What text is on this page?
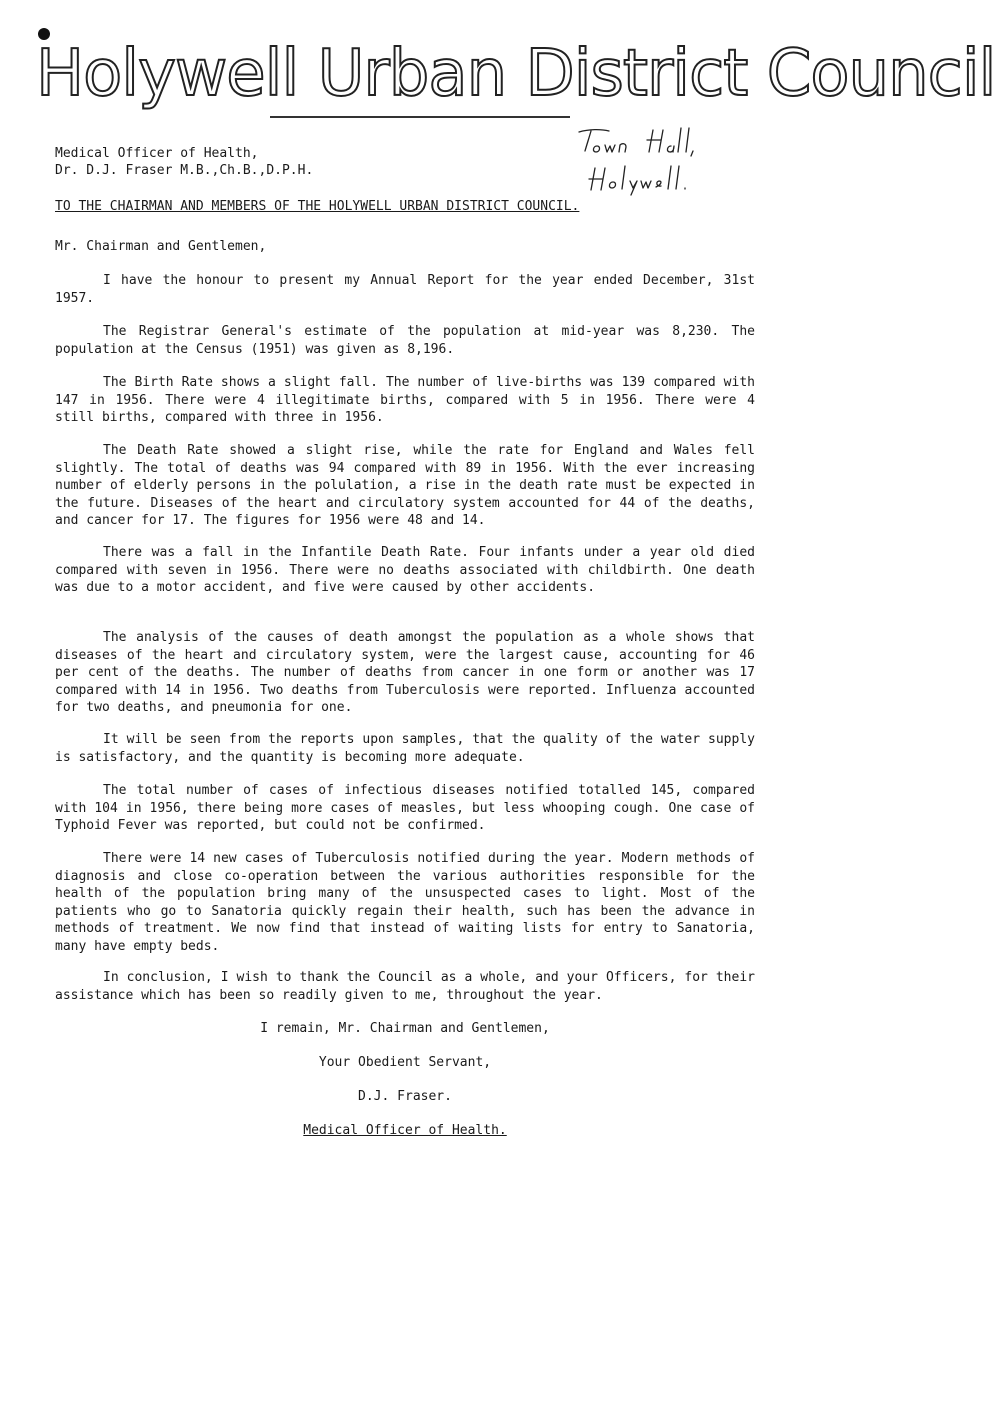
Holywell Urban District Council
Medical Officer of Health,
Dr. D.J. Fraser M.B.,Ch.B.,D.P.H.
TO THE CHAIRMAN AND MEMBERS OF THE HOLYWELL URBAN DISTRICT COUNCIL.
Mr. Chairman and Gentlemen,
I have the honour to present my Annual Report for the year ended December, 31st 1957.
The Registrar General's estimate of the population at mid-year was 8,230. The population at the Census (1951) was given as 8,196.
The Birth Rate shows a slight fall. The number of live-births was 139 compared with 147 in 1956. There were 4 illegitimate births, compared with 5 in 1956. There were 4 still births, compared with three in 1956.
The Death Rate showed a slight rise, while the rate for England and Wales fell slightly. The total of deaths was 94 compared with 89 in 1956. With the ever increasing number of elderly persons in the polulation, a rise in the death rate must be expected in the future. Diseases of the heart and circulatory system accounted for 44 of the deaths, and cancer for 17. The figures for 1956 were 48 and 14.
There was a fall in the Infantile Death Rate. Four infants under a year old died compared with seven in 1956. There were no deaths associated with childbirth. One death was due to a motor accident, and five were caused by other accidents.
The analysis of the causes of death amongst the population as a whole shows that diseases of the heart and circulatory system, were the largest cause, accounting for 46 per cent of the deaths. The number of deaths from cancer in one form or another was 17 compared with 14 in 1956. Two deaths from Tuberculosis were reported. Influenza accounted for two deaths, and pneumonia for one.
It will be seen from the reports upon samples, that the quality of the water supply is satisfactory, and the quantity is becoming more adequate.
The total number of cases of infectious diseases notified totalled 145, compared with 104 in 1956, there being more cases of measles, but less whooping cough. One case of Typhoid Fever was reported, but could not be confirmed.
There were 14 new cases of Tuberculosis notified during the year. Modern methods of diagnosis and close co-operation between the various authorities responsible for the health of the population bring many of the unsuspected cases to light. Most of the patients who go to Sanatoria quickly regain their health, such has been the advance in methods of treatment. We now find that instead of waiting lists for entry to Sanatoria, many have empty beds.
In conclusion, I wish to thank the Council as a whole, and your Officers, for their assistance which has been so readily given to me, throughout the year.
I remain, Mr. Chairman and Gentlemen,
Your Obedient Servant,
D.J. Fraser.
Medical Officer of Health.
